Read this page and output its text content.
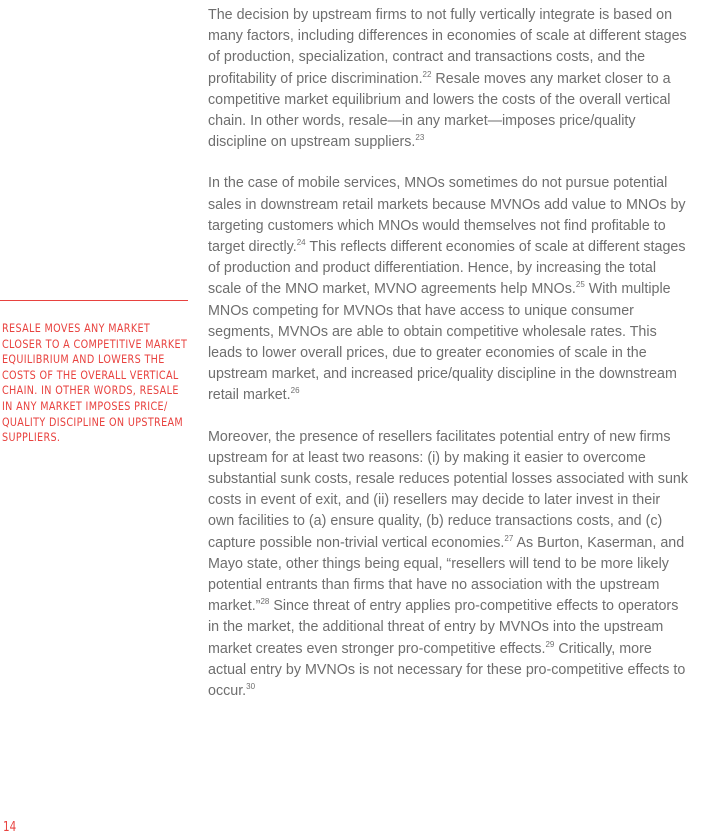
The decision by upstream firms to not fully vertically integrate is based on many factors, including differences in economies of scale at different stages of production, specialization, contract and transactions costs, and the profitability of price discrimination.$^{22}$ Resale moves any market closer to a competitive market equilibrium and lowers the costs of the overall vertical chain. In other words, resale—in any market—imposes price/quality discipline on upstream suppliers.$^{23}$

In the case of mobile services, MNOs sometimes do not pursue potential sales in downstream retail markets because MVNOs add value to MNOs by targeting customers which MNOs would themselves not find profitable to target directly.$^{24}$ This reflects different economies of scale at different stages of production and product differentiation. Hence, by increasing the total scale of the MNO market, MVNO agreements help MNOs.$^{25}$ With multiple MNOs competing for MVNOs that have access to unique consumer segments, MVNOs are able to obtain competitive wholesale rates. This leads to lower overall prices, due to greater economies of scale in the upstream market, and increased price/quality discipline in the downstream retail market.$^{26}$

Moreover, the presence of resellers facilitates potential entry of new firms upstream for at least two reasons: (i) by making it easier to overcome substantial sunk costs, resale reduces potential losses associated with sunk costs in event of exit, and (ii) resellers may decide to later invest in their own facilities to (a) ensure quality, (b) reduce transactions costs, and (c) capture possible non-trivial vertical economies.$^{27}$ As Burton, Kaserman, and Mayo state, other things being equal, “resellers will tend to be more likely potential entrants than firms that have no association with the upstream market.”$^{28}$ Since threat of entry applies pro-competitive effects to operators in the market, the additional threat of entry by MVNOs into the upstream market creates even stronger pro-competitive effects.$^{29}$ Critically, more actual entry by MVNOs is not necessary for these pro-competitive effects to occur.$^{30}$

RESALE MOVES ANY MARKET
CLOSER TO A COMPETITIVE MARKET
EQUILIBRIUM AND LOWERS THE
COSTS OF THE OVERALL VERTICAL
CHAIN. IN OTHER WORDS, RESALE
IN ANY MARKET IMPOSES PRICE/
QUALITY DISCIPLINE ON UPSTREAM
SUPPLIERS.
14
